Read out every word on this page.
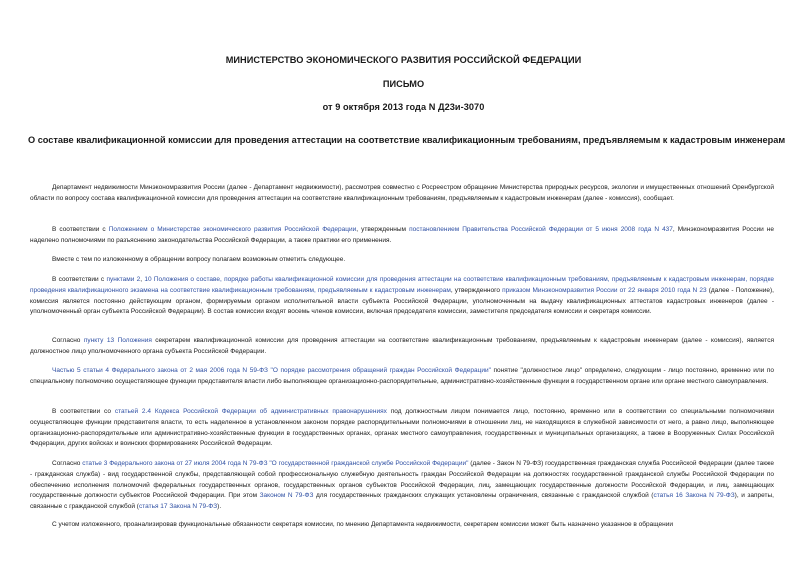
МИНИСТЕРСТВО ЭКОНОМИЧЕСКОГО РАЗВИТИЯ РОССИЙСКОЙ ФЕДЕРАЦИИ
ПИСЬМО
от 9 октября 2013 года N Д23и-3070
О составе квалификационной комиссии для проведения аттестации на соответствие квалификационным требованиям, предъявляемым к кадастровым инженерам

Департамент недвижимости Минэкономразвития России (далее - Департамент недвижимости), рассмотрев совместно с Росреестром обращение Министерства природных ресурсов, экологии и имущественных отношений Оренбургской области по вопросу состава квалификационной комиссии для проведения аттестации на соответствие квалификационным требованиям, предъявляемым к кадастровым инженерам (далее - комиссия), сообщает.

В соответствии с Положением о Министерстве экономического развития Российской Федерации, утвержденным постановлением Правительства Российской Федерации от 5 июня 2008 года N 437, Минэкономразвития России не наделено полномочиями по разъяснению законодательства Российской Федерации, а также практики его применения.

Вместе с тем по изложенному в обращении вопросу полагаем возможным отметить следующее.

В соответствии с пунктами 2, 10 Положения о составе, порядке работы квалификационной комиссии для проведения аттестации на соответствие квалификационным требованиям, предъявляемым к кадастровым инженерам, порядке проведения квалификационного экзамена на соответствие квалификационным требованиям, предъявляемым к кадастровым инженерам, утвержденного приказом Минэкономразвития России от 22 января 2010 года N 23 (далее - Положение), комиссия является постоянно действующим органом, формируемым органом исполнительной власти субъекта Российской Федерации, уполномоченным на выдачу квалификационных аттестатов кадастровых инженеров (далее - уполномоченный орган субъекта Российской Федерации). В состав комиссии входят восемь членов комиссии, включая председателя комиссии, заместителя председателя комиссии и секретаря комиссии.

Согласно пункту 13 Положения секретарем квалификационной комиссии для проведения аттестации на соответствие квалификационным требованиям, предъявляемым к кадастровым инженерам (далее - комиссия), является должностное лицо уполномоченного органа субъекта Российской Федерации.

Частью 5 статьи 4 Федерального закона от 2 мая 2006 года N 59-ФЗ "О порядке рассмотрения обращений граждан Российской Федерации" понятие "должностное лицо" определено, следующим - лицо постоянно, временно или по специальному полномочию осуществляющее функции представителя власти либо выполняющее организационно-распорядительные, административно-хозяйственные функции в государственном органе или органе местного самоуправления.

В соответствии со статьей 2.4 Кодекса Российской Федерации об административных правонарушениях под должностным лицом понимается лицо, постоянно, временно или в соответствии со специальными полномочиями осуществляющее функции представителя власти, то есть наделенное в установленном законом порядке распорядительными полномочиями в отношении лиц, не находящихся в служебной зависимости от него, а равно лицо, выполняющее организационно-распорядительные или административно-хозяйственные функции в государственных органах, органах местного самоуправления, государственных и муниципальных организациях, а также в Вооруженных Силах Российской Федерации, других войсках и воинских формированиях Российской Федерации.

Согласно статье 3 Федерального закона от 27 июля 2004 года N 79-ФЗ "О государственной гражданской службе Российской Федерации" (далее - Закон N 79-ФЗ) государственная гражданская служба Российской Федерации (далее также - гражданская служба) - вид государственной службы, представляющей собой профессиональную служебную деятельность граждан Российской Федерации на должностях государственной гражданской службы Российской Федерации по обеспечению исполнения полномочий федеральных государственных органов, государственных органов субъектов Российской Федерации, лиц, замещающих государственные должности Российской Федерации, и лиц, замещающих государственные должности субъектов Российской Федерации. При этом Законом N 79-ФЗ для государственных гражданских служащих установлены ограничения, связанные с гражданской службой (статья 16 Закона N 79-ФЗ), и запреты, связанные с гражданской службой (статья 17 Закона N 79-ФЗ).

С учетом изложенного, проанализировав функциональные обязанности секретаря комиссии, по мнению Департамента недвижимости, секретарем комиссии может быть назначено указанное в обращении
